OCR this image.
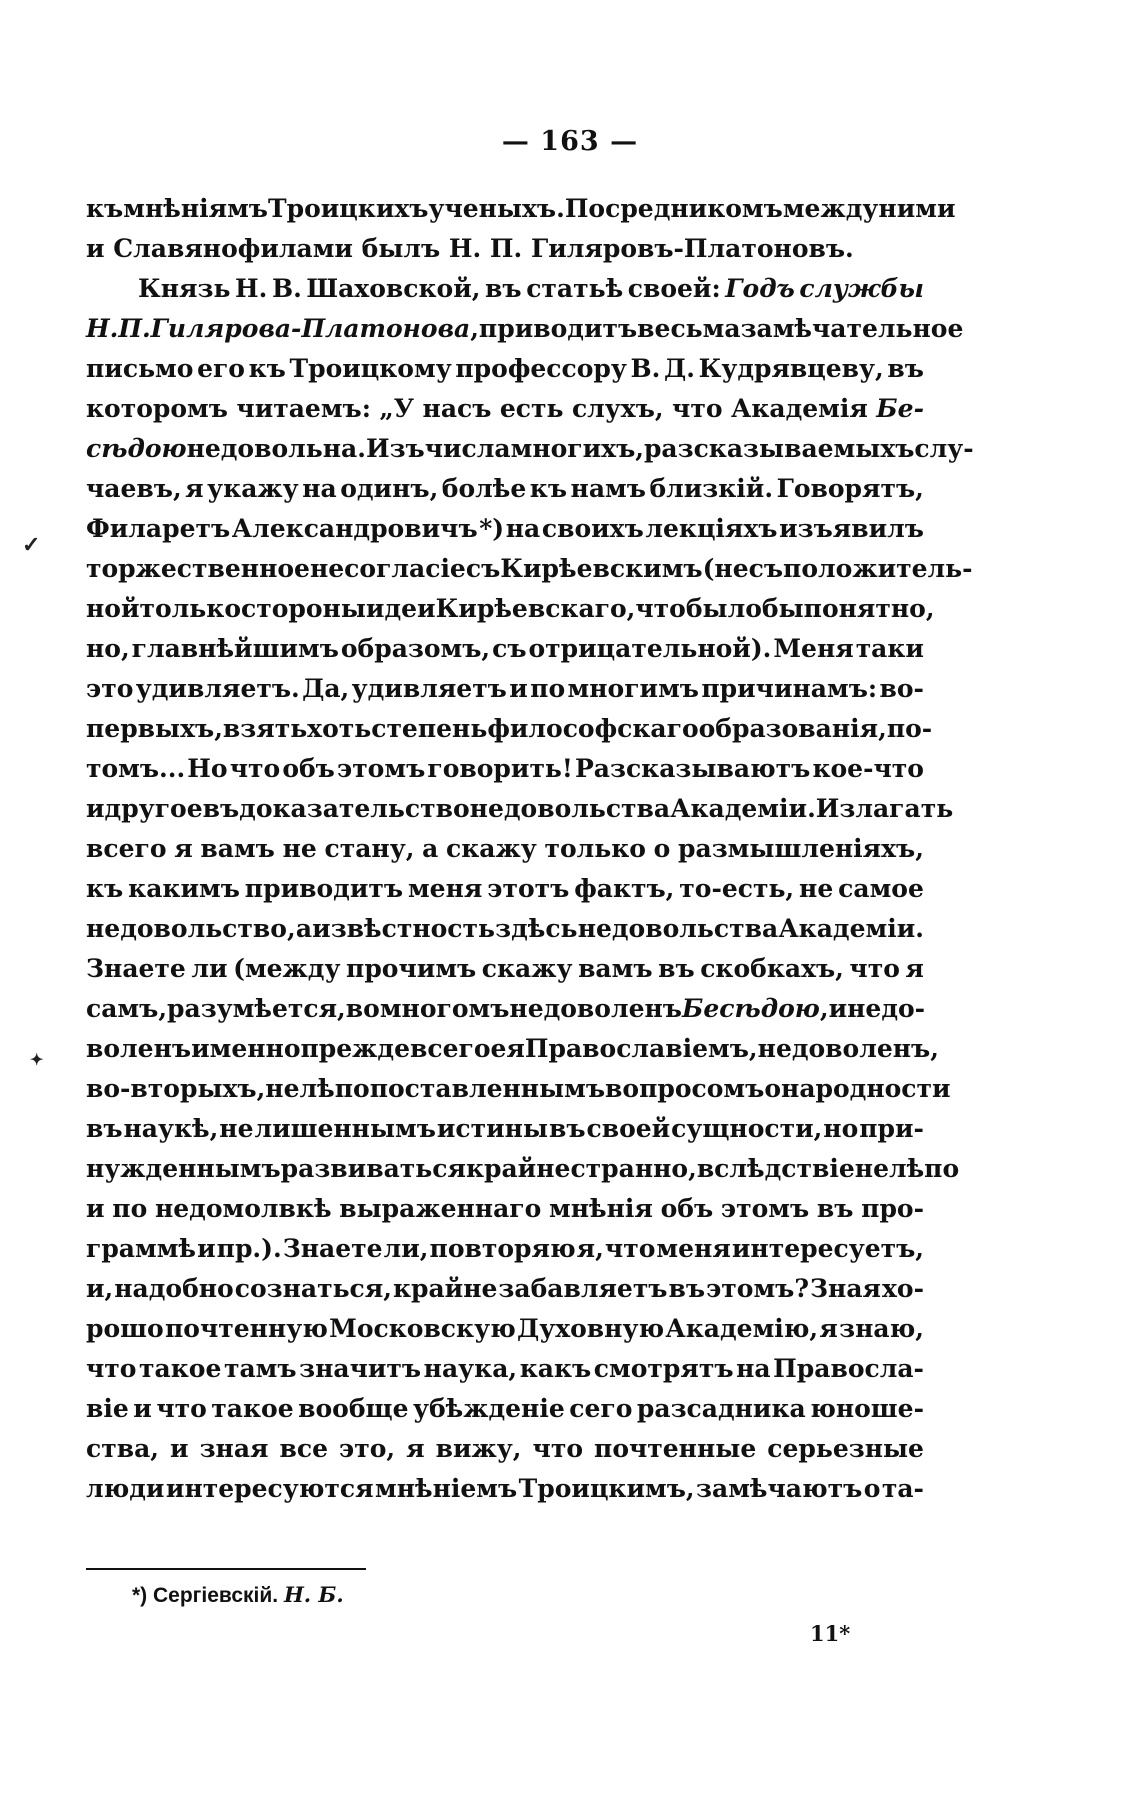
— 163 —
къ мнѣніямъ Троицкихъ ученыхъ. Посредникомъ между ними
и Славянофилами былъ Н. П. Гиляровъ-Платоновъ.
Князь Н. В. Шаховской, въ статьѣ своей: Годъ службы
Н. П. Гилярова-Платонова , приводитъ весьма замѣчательное
письмо его къ Троицкому профессору В. Д. Кудрявцеву, въ
которомъ читаемъ: „У насъ есть слухъ, что Академія Бе-
сѣдою недовольна. Изъ числа многихъ, разсказываемыхъ слу-
чаевъ, я укажу на одинъ, болѣе къ намъ близкій. Говорятъ,
Филаретъ Александровичъ *) на своихъ лекціяхъ изъявилъ
торжественное несогласіе съ Кирѣевскимъ (не съ положитель-
ной только стороны идеи Кирѣевскаго, что было бы понятно,
но, главнѣйшимъ образомъ, съ отрицательной). Меня таки
это удивляетъ. Да, удивляетъ и по многимъ причинамъ: во-
первыхъ, взять хоть степень философскаго образованія, по-
томъ... Но что объ этомъ говорить! Разсказываютъ кое-что
и другое въ доказательство недовольства Академіи. Излагать
всего я вамъ не стану, а скажу только о размышленіяхъ,
къ какимъ приводитъ меня этотъ фактъ, то-есть, не самое
недовольство, а извѣстность здѣсь недовольства Академіи.
Знаете ли (между прочимъ скажу вамъ въ скобкахъ, что я
самъ, разумѣется, во многомъ недоволенъ Бесѣдою , и недо-
воленъ именно прежде всего ея Православіемъ, недоволенъ,
во-вторыхъ, нелѣпо поставленнымъ вопросомъ о народности
въ наукѣ, не лишеннымъ истины въ своей сущности, но при-
нужденнымъ развиваться крайне странно, вслѣдствіе нелѣпо
и по недомолвкѣ выраженнаго мнѣнія объ этомъ въ про-
граммѣ и пр.). Знаете ли, повторяю я, что меня интересуетъ,
и, надобно сознаться, крайне забавляетъ въ этомъ? Зная хо-
рошо почтенную Московскую Духовную Академію, я знаю,
что такое тамъ значитъ наука, какъ смотрятъ на Правосла-
віе и что такое вообще убѣжденіе сего разсадника юноше-
ства, и зная все это, я вижу, что почтенные серьезные
люди интересуются мнѣніемъ Троицкимъ, замѣчаютъ о та-
*) Сергіевскій. Н. Б.
11*
✓
✦
